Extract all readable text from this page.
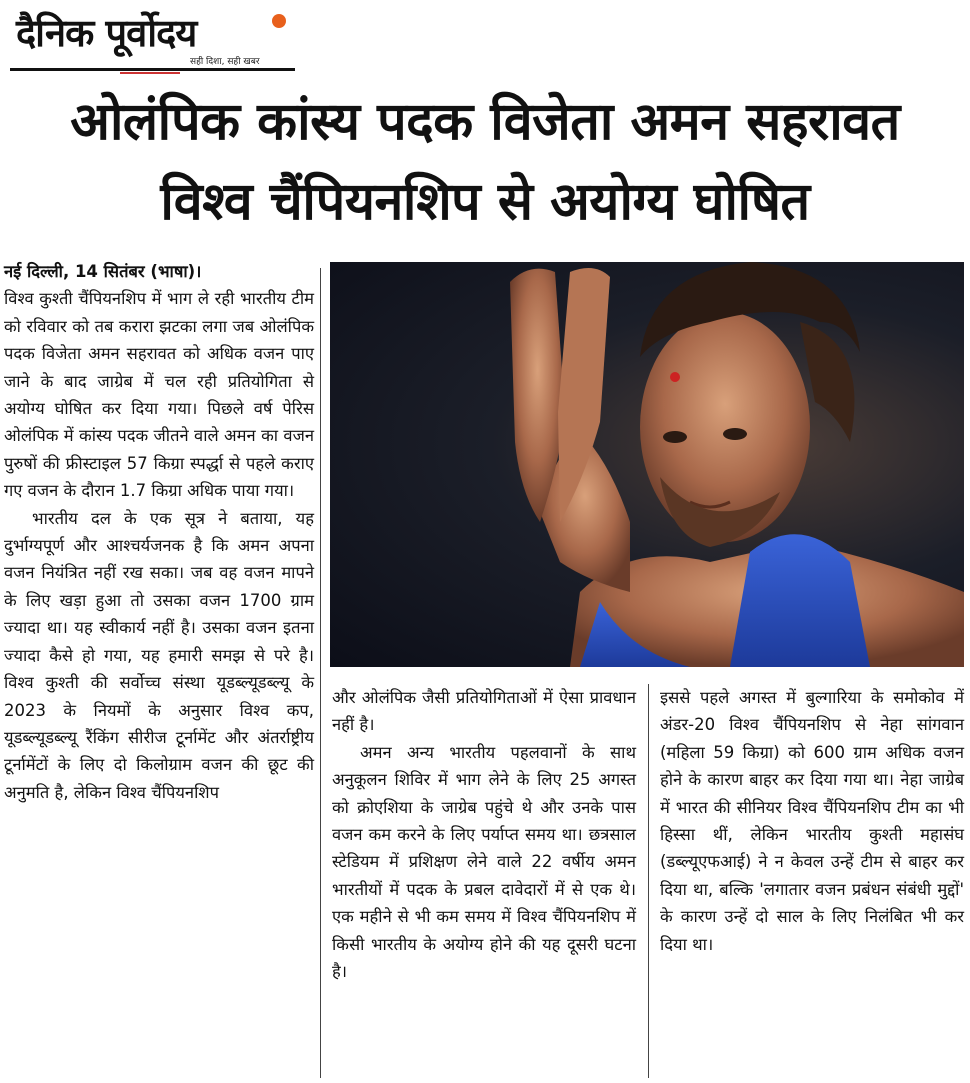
दैनिक पूर्वोदय
सही दिशा, सही खबर
ओलंपिक कांस्य पदक विजेता अमन सहरावत
विश्व चैंपियनशिप से अयोग्य घोषित

नई दिल्ली, 14 सितंबर (भाषा)।
विश्व कुश्ती चैंपियनशिप में भाग ले रही भारतीय टीम को रविवार को तब करारा झटका लगा जब ओलंपिक पदक विजेता अमन सहरावत को अधिक वजन पाए जाने के बाद जाग्रेब में चल रही प्रतियोगिता से अयोग्य घोषित कर दिया गया। पिछले वर्ष पेरिस ओलंपिक में कांस्य पदक जीतने वाले अमन का वजन पुरुषों की फ्रीस्टाइल 57 किग्रा स्पर्द्धा से पहले कराए गए वजन के दौरान 1.7 किग्रा अधिक पाया गया।

भारतीय दल के एक सूत्र ने बताया, यह दुर्भाग्यपूर्ण और आश्चर्यजनक है कि अमन अपना वजन नियंत्रित नहीं रख सका। जब वह वजन मापने के लिए खड़ा हुआ तो उसका वजन 1700 ग्राम ज्यादा था। यह स्वीकार्य नहीं है। उसका वजन इतना ज्यादा कैसे हो गया, यह हमारी समझ से परे है। विश्व कुश्ती की सर्वोच्च संस्था यूडब्ल्यूडब्ल्यू के 2023 के नियमों के अनुसार विश्व कप, यूडब्ल्यूडब्ल्यू रैंकिंग सीरीज टूर्नामेंट और अंतर्राष्ट्रीय टूर्नामेंटों के लिए दो किलोग्राम वजन की छूट की अनुमति है, लेकिन विश्व चैंपियनशिप

और ओलंपिक जैसी प्रतियोगिताओं में ऐसा प्रावधान नहीं है।

अमन अन्य भारतीय पहलवानों के साथ अनुकूलन शिविर में भाग लेने के लिए 25 अगस्त को क्रोएशिया के जाग्रेब पहुंचे थे और उनके पास वजन कम करने के लिए पर्याप्त समय था। छत्रसाल स्टेडियम में प्रशिक्षण लेने वाले 22 वर्षीय अमन भारतीयों में पदक के प्रबल दावेदारों में से एक थे। एक महीने से भी कम समय में विश्व चैंपियनशिप में किसी भारतीय के अयोग्य होने की यह दूसरी घटना है।

इससे पहले अगस्त में बुल्गारिया के समोकोव में अंडर-20 विश्व चैंपियनशिप से नेहा सांगवान (महिला 59 किग्रा) को 600 ग्राम अधिक वजन होने के कारण बाहर कर दिया गया था। नेहा जाग्रेब में भारत की सीनियर विश्व चैंपियनशिप टीम का भी हिस्सा थीं, लेकिन भारतीय कुश्ती महासंघ (डब्ल्यूएफआई) ने न केवल उन्हें टीम से बाहर कर दिया था, बल्कि 'लगातार वजन प्रबंधन संबंधी मुद्दों' के कारण उन्हें दो साल के लिए निलंबित भी कर दिया था।
